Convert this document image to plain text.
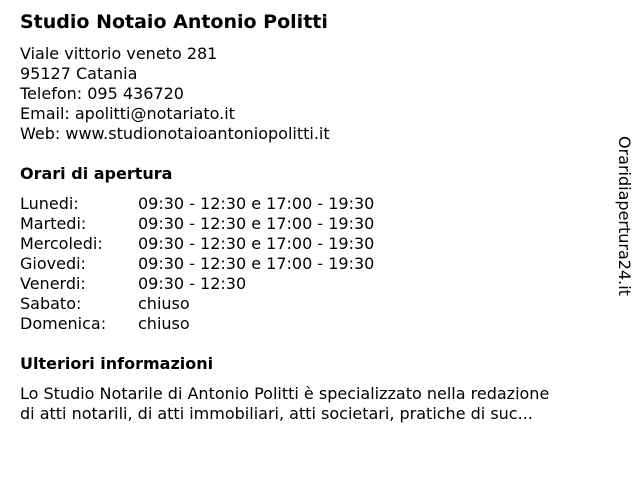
Studio Notaio Antonio Politti
Viale vittorio veneto 281
95127 Catania
Telefon: 095 436720
Email: apolitti@notariato.it
Web: www.studionotaioantoniopolitti.it
Orari di apertura
Lunedi:	09:30 - 12:30 e 17:00 - 19:30
Martedi:	09:30 - 12:30 e 17:00 - 19:30
Mercoledi: 09:30 - 12:30 e 17:00 - 19:30
Giovedi:	09:30 - 12:30 e 17:00 - 19:30
Venerdi:	09:30 - 12:30
Sabato:	chiuso
Domenica: chiuso
Ulteriori informazioni
Lo Studio Notarile di Antonio Politti è specializzato nella redazione
di atti notarili, di atti immobiliari, atti societari, pratiche di suc...
Oraridiapertura24.it
